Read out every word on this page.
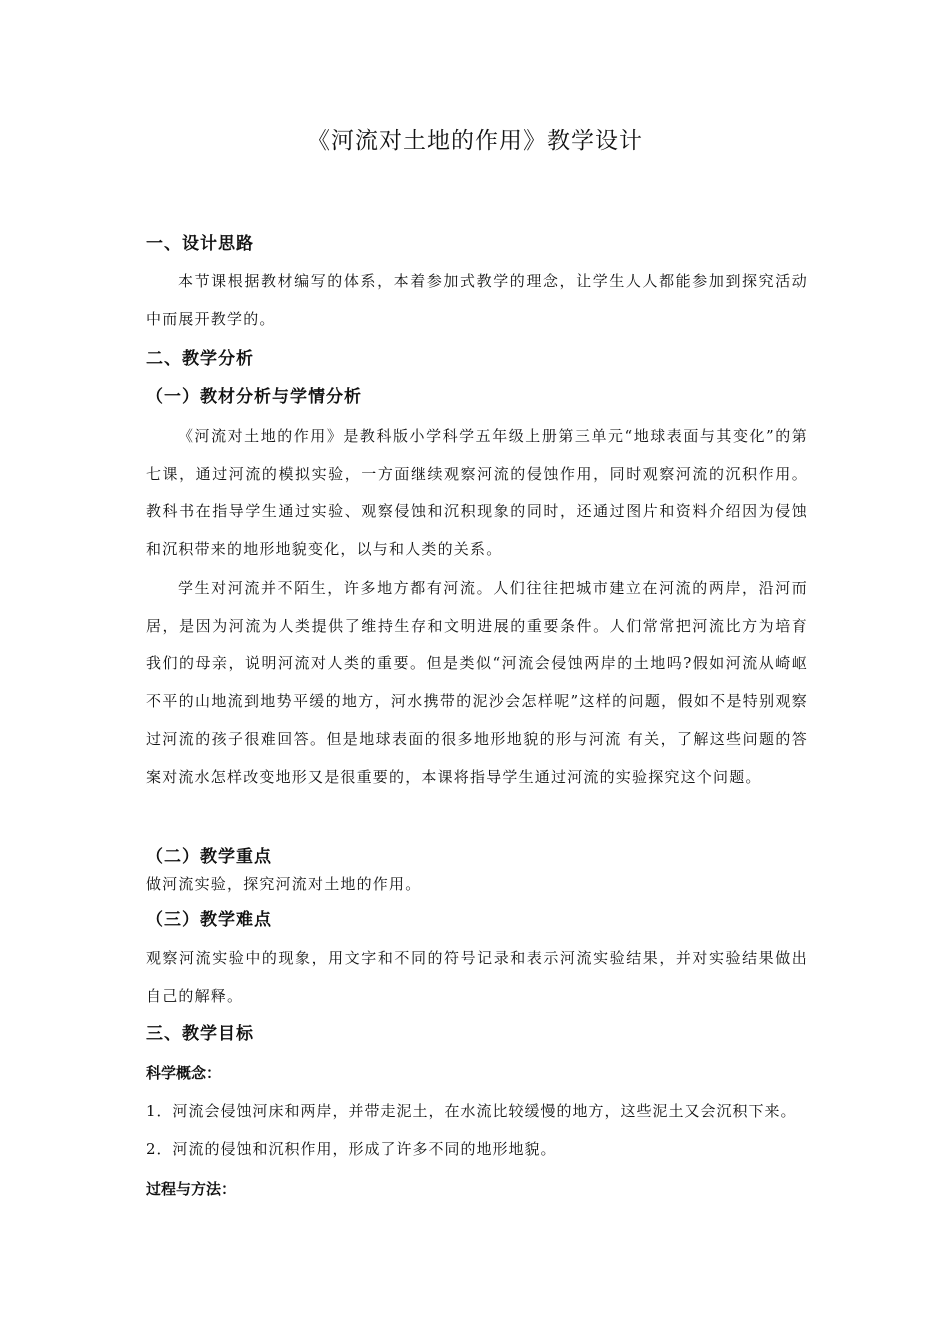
《河流对土地的作用》教学设计
一、设计思路
本节课根据教材编写的体系，本着参加式教学的理念，让学生人人都能参加到探究活动中而展开教学的。
二、教学分析
（一）教材分析与学情分析
《河流对土地的作用》是教科版小学科学五年级上册第三单元“地球表面与其变化”的第七课，通过河流的模拟实验，一方面继续观察河流的侵蚀作用，同时观察河流的沉积作用。教科书在指导学生通过实验、观察侵蚀和沉积现象的同时，还通过图片和资料介绍因为侵蚀和沉积带来的地形地貌变化，以与和人类的关系。
学生对河流并不陌生，许多地方都有河流。人们往往把城市建立在河流的两岸，沿河而居，是因为河流为人类提供了维持生存和文明进展的重要条件。人们常常把河流比方为培育我们的母亲，说明河流对人类的重要。但是类似“河流会侵蚀两岸的土地吗?假如河流从崎岖不平的山地流到地势平缓的地方，河水携带的泥沙会怎样呢”这样的问题，假如不是特别观察过河流的孩子很难回答。但是地球表面的很多地形地貌的形与河流 有关，了解这些问题的答案对流水怎样改变地形又是很重要的，本课将指导学生通过河流的实验探究这个问题。
（二）教学重点
做河流实验，探究河流对土地的作用。
（三）教学难点
观察河流实验中的现象，用文字和不同的符号记录和表示河流实验结果，并对实验结果做出自己的解释。
三、教学目标
科学概念：
1．河流会侵蚀河床和两岸，并带走泥土，在水流比较缓慢的地方，这些泥土又会沉积下来。
2．河流的侵蚀和沉积作用，形成了许多不同的地形地貌。
过程与方法：
